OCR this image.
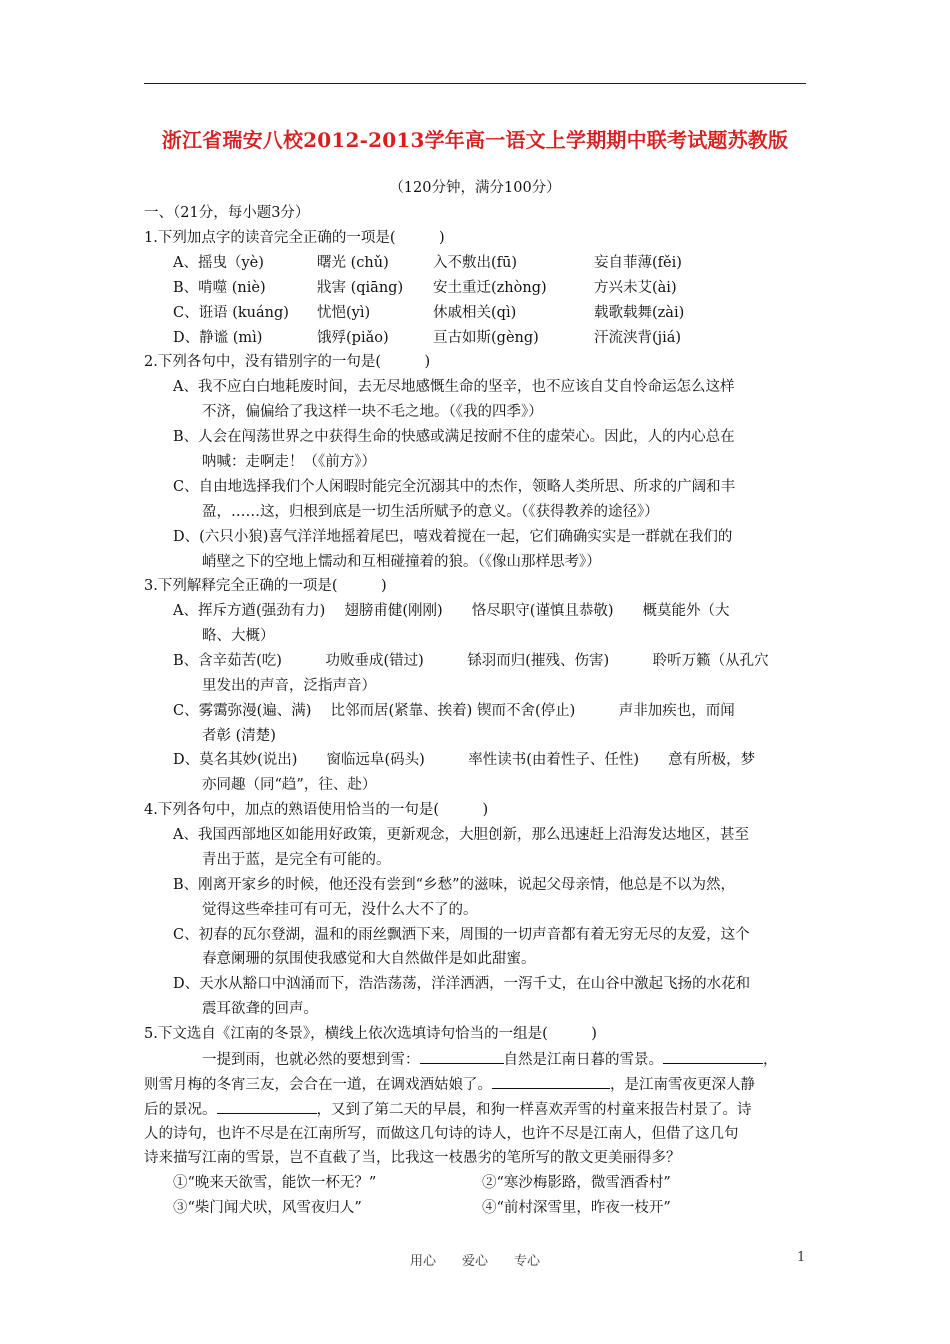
浙江省瑞安八校2012-2013学年高一语文上学期期中联考试题苏教版
（120分钟，满分100分）
一、（21分，每小题3分）
1.下列加点字的读音完全正确的一项是(　　　)
A、摇曳（yè)	曙光 (chǔ)	入不敷出(fū)	妄自菲薄(fěi)
B、啃噬 (niè)	戕害 (qiāng) 安土重迁(zhòng)	方兴未艾(ài)
C、诳语 (kuáng) 忧悒(yì)	休戚相关(qì)	载歌载舞(zài)
D、静谧 (mì)	饿殍(piǎo)	亘古如斯(gèng)	汗流浃背(jiá)
2.下列各句中，没有错别字的一句是(　　　)
A、我不应白白地耗废时间，去无尽地感慨生命的坚辛，也不应该自艾自怜命运怎么这样
不济，偏偏给了我这样一块不毛之地。（《我的四季》）
B、人会在闯荡世界之中获得生命的快感或满足按耐不住的虚荣心。因此，人的内心总在
呐喊：走啊走！（《前方》）
C、自由地选择我们个人闲暇时能完全沉溺其中的杰作，领略人类所思、所求的广阔和丰
盈，……这，归根到底是一切生活所赋予的意义。（《获得教养的途径》）
D、(六只小狼)喜气洋洋地摇着尾巴，嘻戏着搅在一起，它们确确实实是一群就在我们的
峭壁之下的空地上懦动和互相碰撞着的狼。（《像山那样思考》）
3.下列解释完全正确的一项是(　　　)
A、挥斥方遒(强劲有力)　 翅膀甫健(刚刚)　　恪尽职守(谨慎且恭敬)　　概莫能外（大
略、大概）
B、含辛茹苦(吃)　　　功败垂成(错过)　　　铩羽而归(摧残、伤害)　　　聆听万籁（从孔穴
里发出的声音，泛指声音）
C、雾霭弥漫(遍、满)　 比邻而居(紧靠、挨着) 锲而不舍(停止)　　　声非加疾也，而闻
者彰 (清楚)
D、莫名其妙(说出)　　窗临远阜(码头)　　　率性读书(由着性子、任性)　　意有所极，梦
亦同趣（同“趋”，往、赴）
4.下列各句中，加点的熟语使用恰当的一句是(　　　)
A、我国西部地区如能用好政策，更新观念，大胆创新，那么迅速赶上沿海发达地区，甚至
青出于蓝，是完全有可能的。
B、刚离开家乡的时候，他还没有尝到“乡愁”的滋味，说起父母亲情，他总是不以为然，
觉得这些牵挂可有可无，没什么大不了的。
C、初春的瓦尔登湖，温和的雨丝飘洒下来，周围的一切声音都有着无穷无尽的友爱，这个
春意阑珊的氛围使我感觉和大自然做伴是如此甜蜜。
D、天水从豁口中汹涌而下，浩浩荡荡，洋洋洒洒，一泻千丈，在山谷中激起飞扬的水花和
震耳欲聋的回声。
5.下文选自《江南的冬景》，横线上依次选填诗句恰当的一组是(　　　)
一提到雨，也就必然的要想到雪：	自然是江南日暮的雪景。	，
则雪月梅的冬宵三友，会合在一道，在调戏酒姑娘了。	，是江南雪夜更深人静
后的景况。	，又到了第二天的早晨，和狗一样喜欢弄雪的村童来报告村景了。诗
人的诗句，也许不尽是在江南所写，而做这几句诗的诗人，也许不尽是江南人，但借了这几句
诗来描写江南的雪景，岂不直截了当，比我这一枝愚劣的笔所写的散文更美丽得多？
①“晚来天欲雪，能饮一杯无？”	②“寒沙梅影路，微雪酒香村”
③“柴门闻犬吠，风雪夜归人”	④“前村深雪里，昨夜一枝开”
用心　　爱心　　专心	1
